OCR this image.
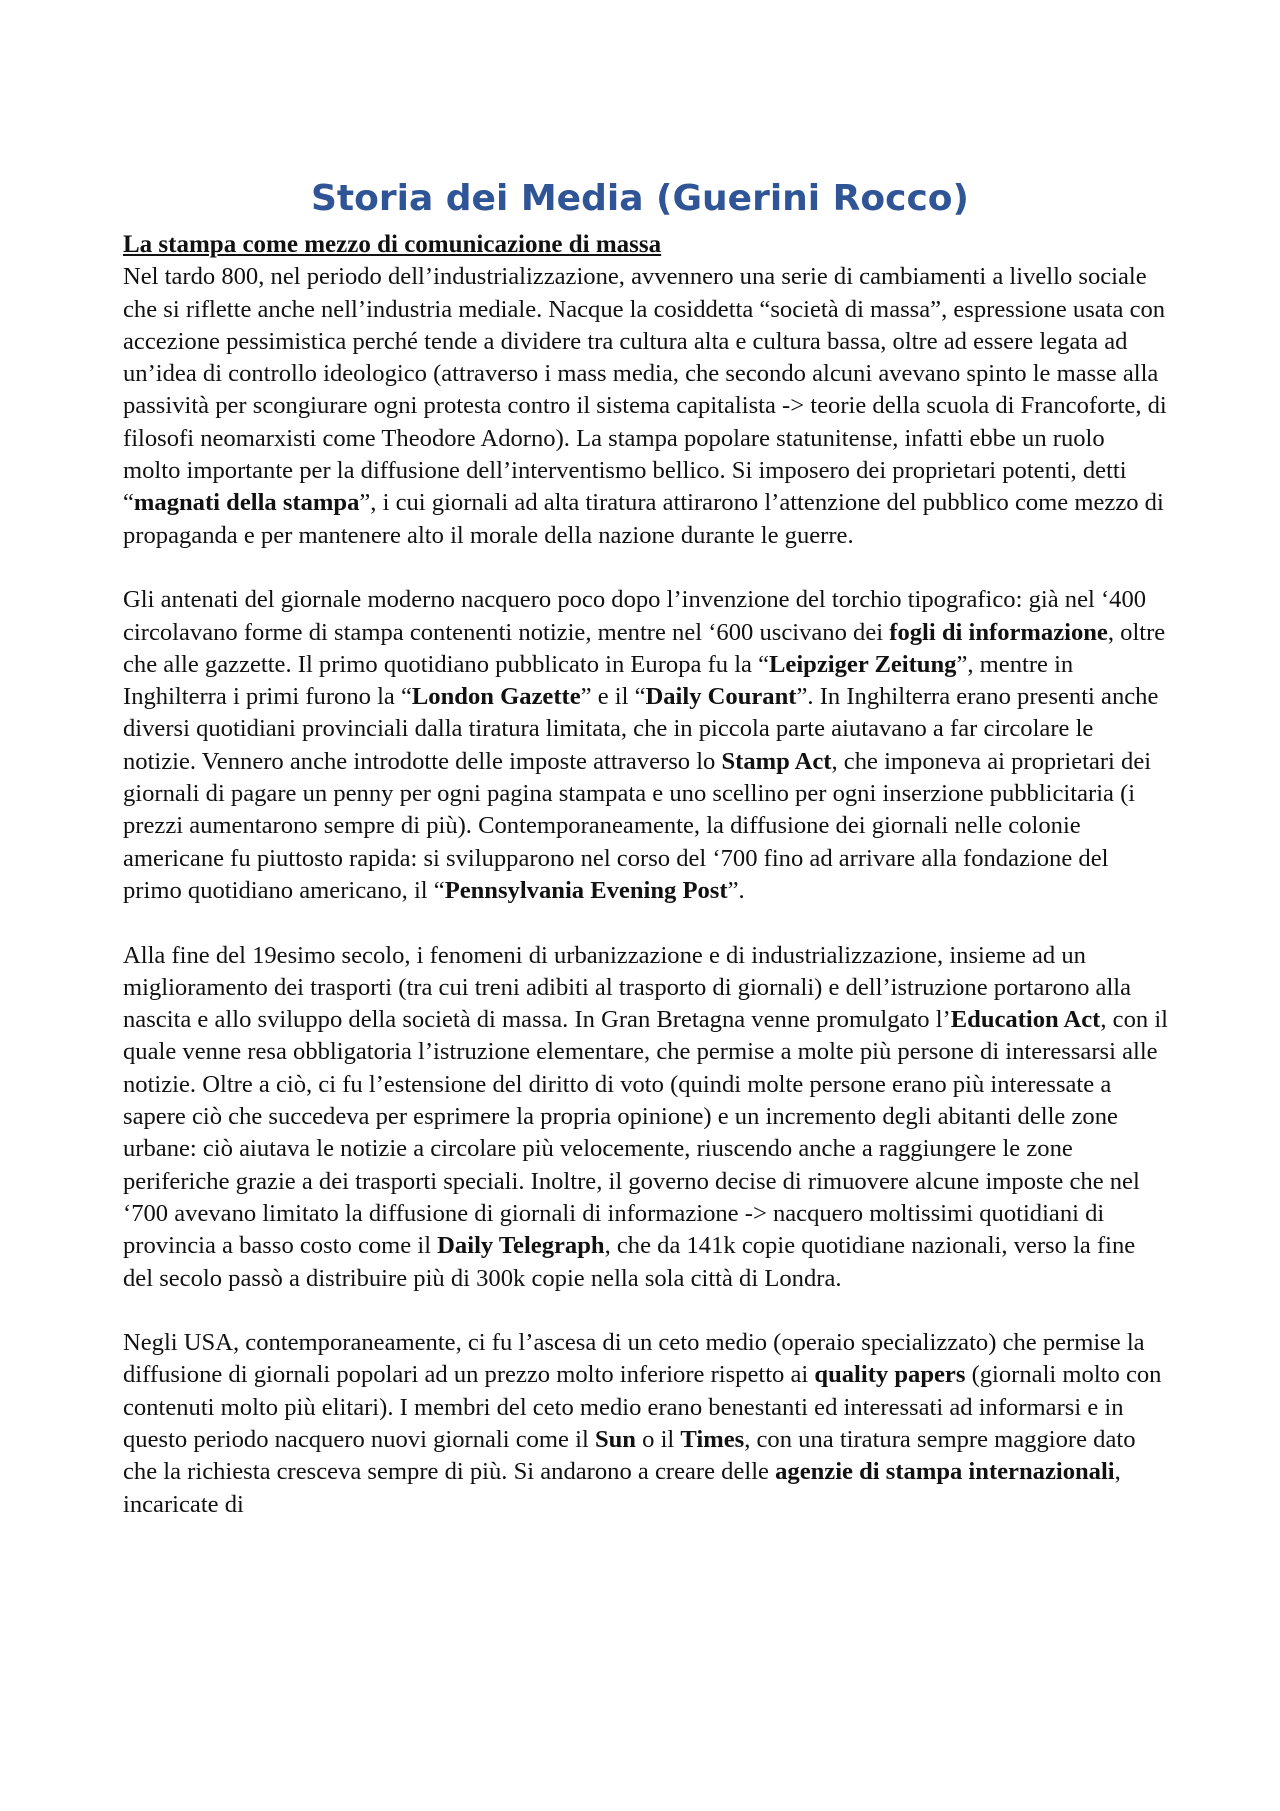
Storia dei Media (Guerini Rocco)
La stampa come mezzo di comunicazione di massa

Nel tardo 800, nel periodo dell’industrializzazione, avvennero una serie di cambiamenti a livello sociale che si riflette anche nell’industria mediale. Nacque la cosiddetta “società di massa”, espressione usata con accezione pessimistica perché tende a dividere tra cultura alta e cultura bassa, oltre ad essere legata ad un’idea di controllo ideologico (attraverso i mass media, che secondo alcuni avevano spinto le masse alla passività per scongiurare ogni protesta contro il sistema capitalista -> teorie della scuola di Francoforte, di filosofi neomarxisti come Theodore Adorno). La stampa popolare statunitense, infatti ebbe un ruolo molto importante per la diffusione dell’interventismo bellico. Si imposero dei proprietari potenti, detti “magnati della stampa”, i cui giornali ad alta tiratura attirarono l’attenzione del pubblico come mezzo di propaganda e per mantenere alto il morale della nazione durante le guerre.

Gli antenati del giornale moderno nacquero poco dopo l’invenzione del torchio tipografico: già nel ‘400 circolavano forme di stampa contenenti notizie, mentre nel ‘600 uscivano dei fogli di informazione, oltre che alle gazzette. Il primo quotidiano pubblicato in Europa fu la “Leipziger Zeitung”, mentre in Inghilterra i primi furono la “London Gazette” e il “Daily Courant”. In Inghilterra erano presenti anche diversi quotidiani provinciali dalla tiratura limitata, che in piccola parte aiutavano a far circolare le notizie. Vennero anche introdotte delle imposte attraverso lo Stamp Act, che imponeva ai proprietari dei giornali di pagare un penny per ogni pagina stampata e uno scellino per ogni inserzione pubblicitaria (i prezzi aumentarono sempre di più). Contemporaneamente, la diffusione dei giornali nelle colonie americane fu piuttosto rapida: si svilupparono nel corso del ‘700 fino ad arrivare alla fondazione del primo quotidiano americano, il “Pennsylvania Evening Post”.

Alla fine del 19esimo secolo, i fenomeni di urbanizzazione e di industrializzazione, insieme ad un miglioramento dei trasporti (tra cui treni adibiti al trasporto di giornali) e dell’istruzione portarono alla nascita e allo sviluppo della società di massa. In Gran Bretagna venne promulgato l’Education Act, con il quale venne resa obbligatoria l’istruzione elementare, che permise a molte più persone di interessarsi alle notizie. Oltre a ciò, ci fu l’estensione del diritto di voto (quindi molte persone erano più interessate a sapere ciò che succedeva per esprimere la propria opinione) e un incremento degli abitanti delle zone urbane: ciò aiutava le notizie a circolare più velocemente, riuscendo anche a raggiungere le zone periferiche grazie a dei trasporti speciali. Inoltre, il governo decise di rimuovere alcune imposte che nel ‘700 avevano limitato la diffusione di giornali di informazione -> nacquero moltissimi quotidiani di provincia a basso costo come il Daily Telegraph, che da 141k copie quotidiane nazionali, verso la fine del secolo passò a distribuire più di 300k copie nella sola città di Londra.

Negli USA, contemporaneamente, ci fu l’ascesa di un ceto medio (operaio specializzato) che permise la diffusione di giornali popolari ad un prezzo molto inferiore rispetto ai quality papers (giornali molto con contenuti molto più elitari). I membri del ceto medio erano benestanti ed interessati ad informarsi e in questo periodo nacquero nuovi giornali come il Sun o il Times, con una tiratura sempre maggiore dato che la richiesta cresceva sempre di più. Si andarono a creare delle agenzie di stampa internazionali, incaricate di
